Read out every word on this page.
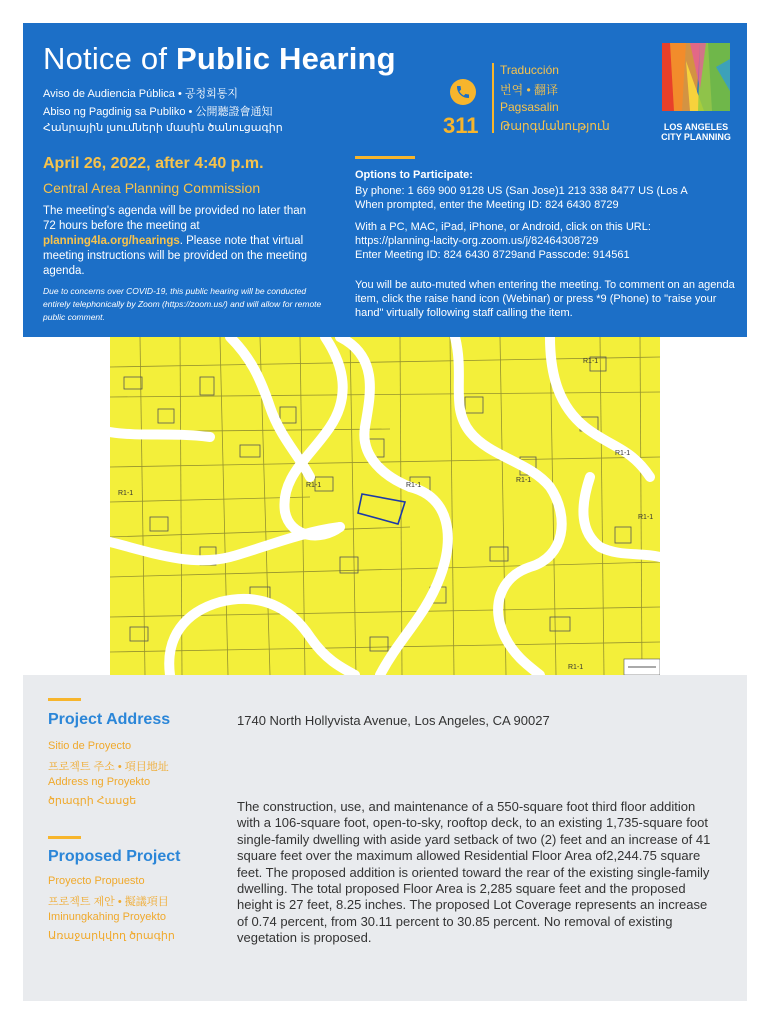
Notice of Public Hearing
Aviso de Audiencia Pública • 공청회통지
Abiso ng Pagdinig sa Publiko • 公開聽證會通知
Հանրային լսումների մասին ծանուցագիր	311
Traducción
번역 • 翻译
Pagsasalin
Թարգմանություն	LOS ANGELES
CITY PLANNING
April 26, 2022, after 4:40 p.m.
Central Area Planning Commission
The meeting's agenda will be provided no later than 72 hours before the meeting at planning4la.org/hearings. Please note that virtual meeting instructions will be provided on the meeting agenda.
Due to concerns over COVID-19, this public hearing will be conducted entirely telephonically by Zoom (https://zoom.us/) and will allow for remote public comment.
Options to Participate:
By phone: 1 669 900 9128 US (San Jose)1 213 338 8477 US (Los A
When prompted, enter the Meeting ID: 824 6430 8729
With a PC, MAC, iPad, iPhone, or Android, click on this URL:
https://planning-lacity-org.zoom.us/j/82464308729
Enter Meeting ID: 824 6430 8729and Passcode: 914561
You will be auto-muted when entering the meeting. To comment on an agenda item, click the raise hand icon (Webinar) or press *9 (Phone) to "raise your hand" virtually following staff calling the item.
R1-1
R1-1
R1-1
R1-1	R1-1
R1-1
R1-1
R1-1
Project Address
Sitio de Proyecto
프로젝트 주소 • 項目地址
Address ng Proyekto
ծրագրի Հասցե
1740 North Hollyvista Avenue, Los Angeles, CA 90027
Proposed Project
Proyecto Propuesto
프로젝트 제안 • 擬議項目
Iminungkahing Proyekto
Առաջարկվող ծրագիր
The construction, use, and maintenance of a 550-square foot third floor addition with a 106-square foot, open-to-sky, rooftop deck, to an existing 1,735-square foot single-family dwelling with aside yard setback of two (2) feet and an increase of 41 square feet over the maximum allowed Residential Floor Area of2,244.75 square feet. The proposed addition is oriented toward the rear of the existing single-family dwelling. The total proposed Floor Area is 2,285 square feet and the proposed height is 27 feet, 8.25 inches. The proposed Lot Coverage represents an increase of 0.74 percent, from 30.11 percent to 30.85 percent. No removal of existing vegetation is proposed.
